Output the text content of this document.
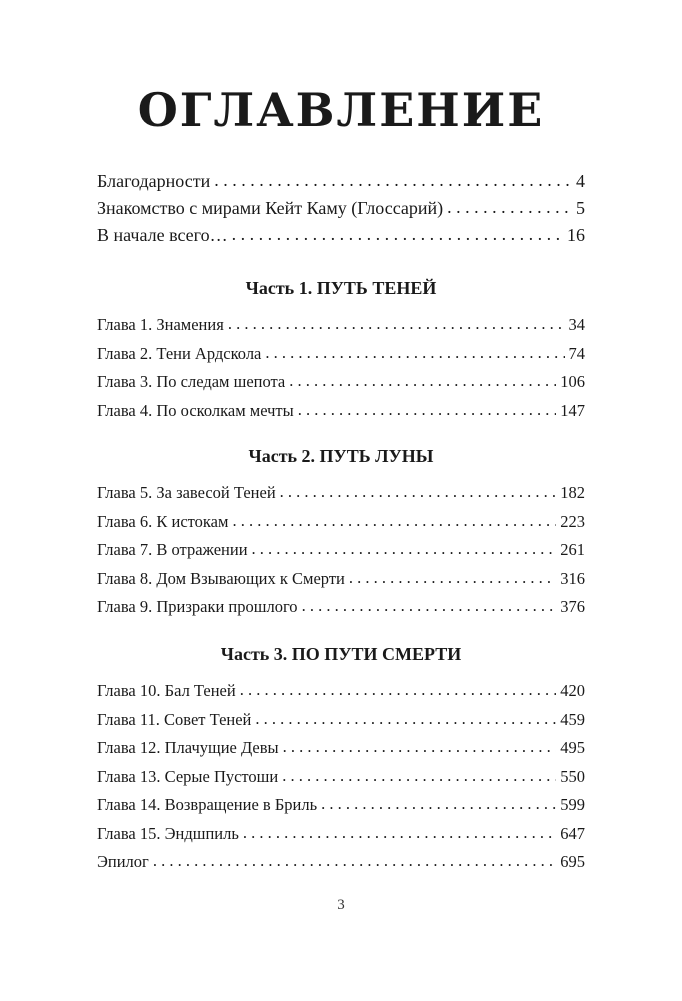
ОГЛАВЛЕНИЕ
Благодарности . . .	4
Знакомство с мирами Кейт Каму (Глоссарий) . . .	5
В начале всего… . . .	16
Часть 1. ПУТЬ ТЕНЕЙ
Глава 1. Знамения . . .	34
Глава 2. Тени Ардскола . . .	74
Глава 3. По следам шепота . . .	106
Глава 4. По осколкам мечты . . .	147
Часть 2. ПУТЬ ЛУНЫ
Глава 5. За завесой Теней . . .	182
Глава 6. К истокам . . .	223
Глава 7. В отражении . . .	261
Глава 8. Дом Взывающих к Смерти . . .	316
Глава 9. Призраки прошлого . . .	376
Часть 3. ПО ПУТИ СМЕРТИ
Глава 10. Бал Теней . . .	420
Глава 11. Совет Теней . . .	459
Глава 12. Плачущие Девы . . .	495
Глава 13. Серые Пустоши . . .	550
Глава 14. Возвращение в Бриль . . .	599
Глава 15. Эндшпиль . . .	647
Эпилог . . .	695
3
